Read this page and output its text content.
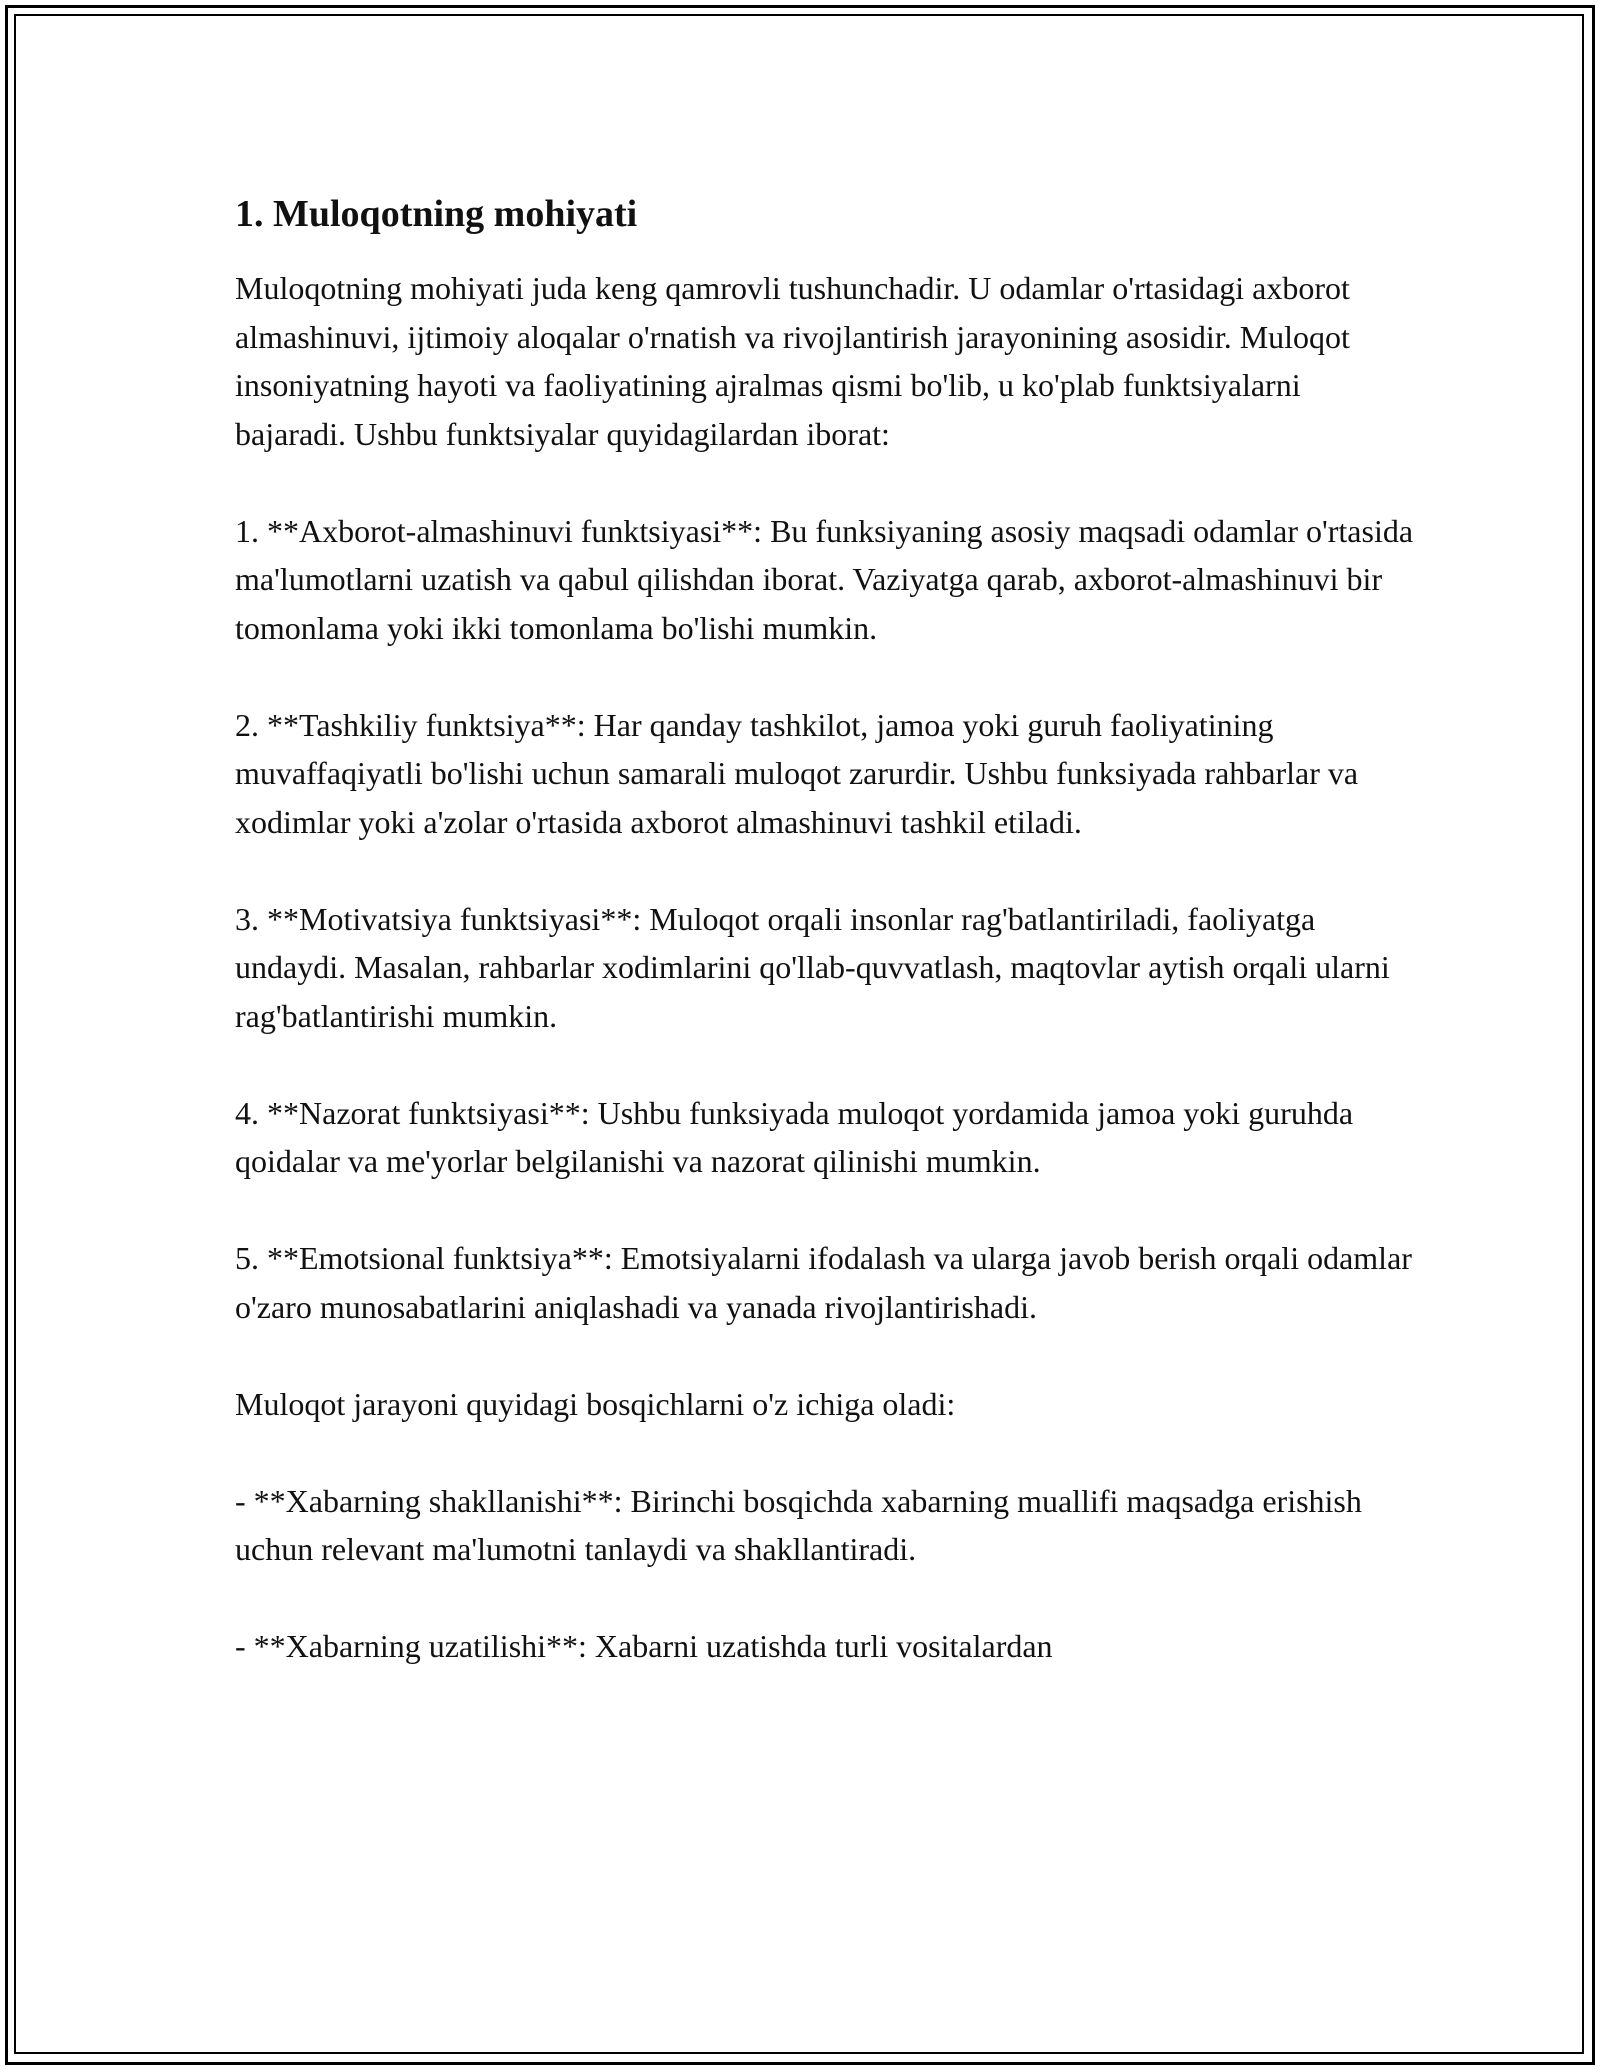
1. Muloqotning mohiyati

Muloqotning mohiyati juda keng qamrovli tushunchadir. U odamlar o'rtasidagi axborot almashinuvi, ijtimoiy aloqalar o'rnatish va rivojlantirish jarayonining asosidir. Muloqot insoniyatning hayoti va faoliyatining ajralmas qismi bo'lib, u ko'plab funktsiyalarni bajaradi. Ushbu funktsiyalar quyidagilardan iborat:

1. **Axborot-almashinuvi funktsiyasi**: Bu funksiyaning asosiy maqsadi odamlar o'rtasida ma'lumotlarni uzatish va qabul qilishdan iborat. Vaziyatga qarab, axborot-almashinuvi bir tomonlama yoki ikki tomonlama bo'lishi mumkin.

2. **Tashkiliy funktsiya**: Har qanday tashkilot, jamoa yoki guruh faoliyatining muvaffaqiyatli bo'lishi uchun samarali muloqot zarurdir. Ushbu funksiyada rahbarlar va xodimlar yoki a'zolar o'rtasida axborot almashinuvi tashkil etiladi.

3. **Motivatsiya funktsiyasi**: Muloqot orqali insonlar rag'batlantiriladi, faoliyatga undaydi. Masalan, rahbarlar xodimlarini qo'llab-quvvatlash, maqtovlar aytish orqali ularni rag'batlantirishi mumkin.

4. **Nazorat funktsiyasi**: Ushbu funksiyada muloqot yordamida jamoa yoki guruhda qoidalar va me'yorlar belgilanishi va nazorat qilinishi mumkin.

5. **Emotsional funktsiya**: Emotsiyalarni ifodalash va ularga javob berish orqali odamlar o'zaro munosabatlarini aniqlashadi va yanada rivojlantirishadi.

Muloqot jarayoni quyidagi bosqichlarni o'z ichiga oladi:

- **Xabarning shakllanishi**: Birinchi bosqichda xabarning muallifi maqsadga erishish uchun relevant ma'lumotni tanlaydi va shakllantiradi.

- **Xabarning uzatilishi**: Xabarni uzatishda turli vositalardan
